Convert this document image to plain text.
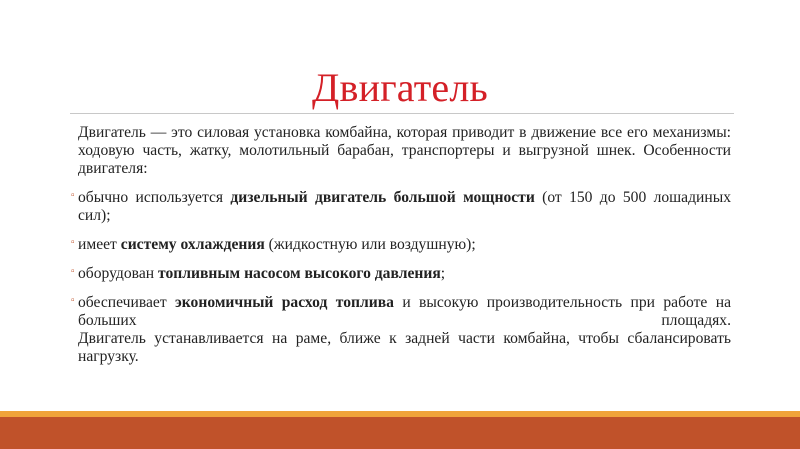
Двигатель

Двигатель — это силовая установка комбайна, которая приводит в движение все его механизмы: ходовую часть, жатку, молотильный барабан, транспортеры и выгрузной шнек. Особенности двигателя:

▫ обычно используется дизельный двигатель большой мощности (от 150 до 500 лошадиных сил);
▫ имеет систему охлаждения (жидкостную или воздушную);
▫ оборудован топливным насосом высокого давления;
▫ обеспечивает экономичный расход топлива и высокую производительность при работе на больших площадях.
Двигатель устанавливается на раме, ближе к задней части комбайна, чтобы сбалансировать нагрузку.
